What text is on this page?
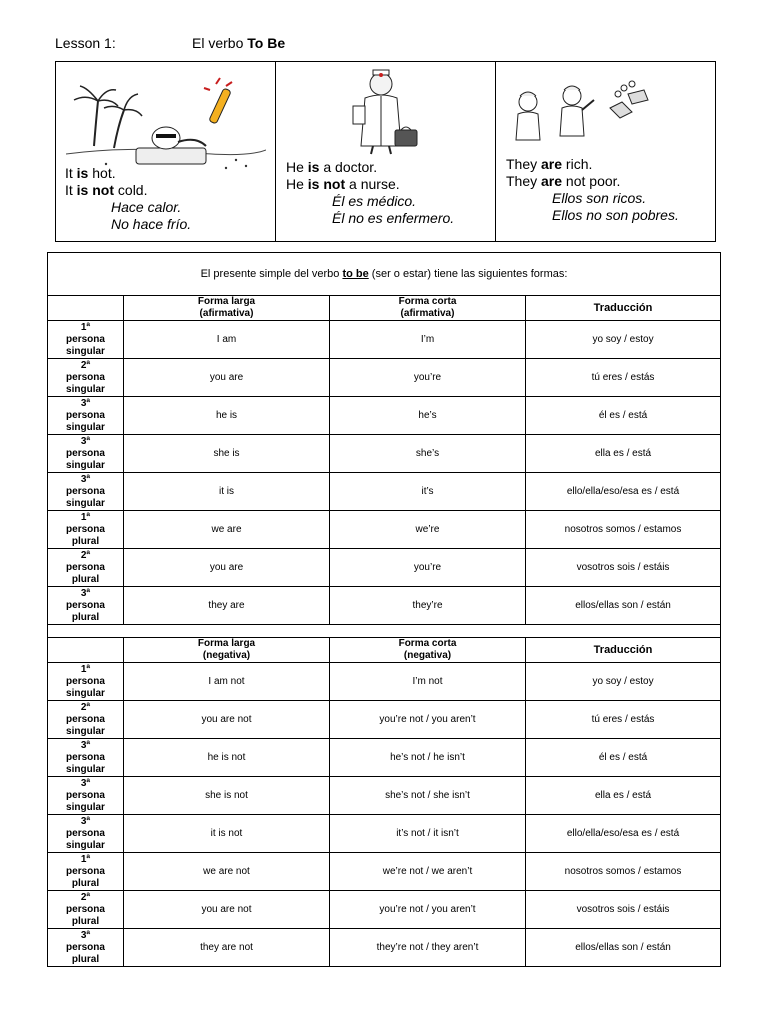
Lesson 1:	El verbo To Be
It is hot.
It is not cold.
Hace calor.
No hace frío.
He is a doctor.
He is not a nurse.
Él es médico.
Él no es enfermero.
They are rich.
They are not poor.
Ellos son ricos.
Ellos no son pobres.
El presente simple del verbo to be (ser o estar) tiene las siguientes formas:			
	Forma larga
(afirmativa)	Forma corta
(afirmativa)	Traducción
1ª
persona
singular	I am	I’m	yo soy / estoy
2ª
persona
singular	you are	you’re	tú eres / estás
3ª
persona
singular	he is	he’s	él es / está
3ª
persona
singular	she is	she’s	ella es / está
3ª
persona
singular	it is	it’s	ello/ella/eso/esa es / está
1ª
persona
plural	we are	we’re	nosotros somos / estamos
2ª
persona
plural	you are	you’re	vosotros sois / estáis
3ª
persona
plural	they are	they’re	ellos/ellas son / están

	Forma larga
(negativa)	Forma corta
(negativa)	Traducción
1ª
persona
singular	I am not	I’m not	yo soy / estoy
2ª
persona
singular	you are not	you’re not / you aren’t	tú eres / estás
3ª
persona
singular	he is not	he’s not / he isn’t	él es / está
3ª
persona
singular	she is not	she’s not / she isn’t	ella es / está
3ª
persona
singular	it is not	it’s not / it isn’t	ello/ella/eso/esa es / está
1ª
persona
plural	we are not	we’re not / we aren’t	nosotros somos / estamos
2ª
persona
plural	you are not	you’re not / you aren’t	vosotros sois / estáis
3ª
persona
plural	they are not	they’re not / they aren’t	ellos/ellas son / están
